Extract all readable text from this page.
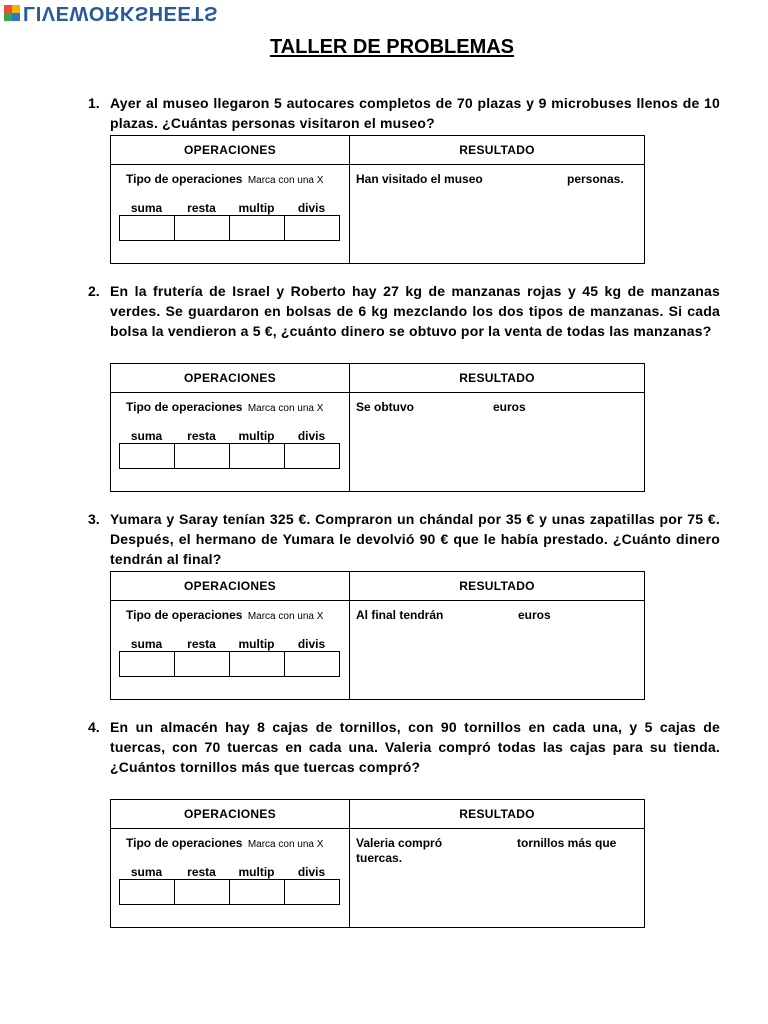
LIVEWORKSHEETS
TALLER DE PROBLEMAS
1. Ayer al museo llegaron 5 autocares completos de 70 plazas y 9 microbuses llenos de 10 plazas. ¿Cuántas personas visitaron el museo?
OPERACIONES	RESULTADO
Tipo de operaciones Marca con una X
suma	resta	multip	divis
Han visitado el museo	personas.
2. En la frutería de Israel y Roberto hay 27 kg de manzanas rojas y 45 kg de manzanas verdes. Se guardaron en bolsas de 6 kg mezclando los dos tipos de manzanas. Si cada bolsa la vendieron a 5 €, ¿cuánto dinero se obtuvo por la venta de todas las manzanas?
OPERACIONES	RESULTADO
Tipo de operaciones Marca con una X
suma	resta	multip	divis
Se obtuvo	euros
3. Yumara y Saray tenían 325 €. Compraron un chándal por 35 € y unas zapatillas por 75 €. Después, el hermano de Yumara le devolvió 90 € que le había prestado. ¿Cuánto dinero tendrán al final?
OPERACIONES	RESULTADO
Tipo de operaciones Marca con una X
suma	resta	multip	divis
Al final tendrán	euros
4. En un almacén hay 8 cajas de tornillos, con 90 tornillos en cada una, y 5 cajas de tuercas, con 70 tuercas en cada una. Valeria compró todas las cajas para su tienda. ¿Cuántos tornillos más que tuercas compró?
OPERACIONES	RESULTADO
Tipo de operaciones Marca con una X
suma	resta	multip	divis
Valeria compró	tornillos más que
tuercas.
